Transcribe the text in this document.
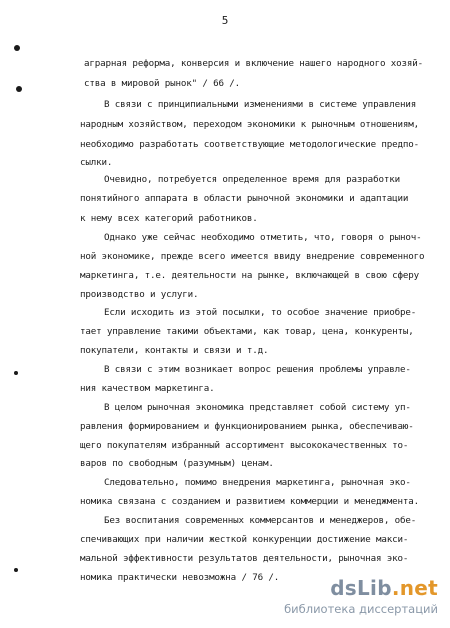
5
аграрная реформа, конверсия и включение нашего народного хозяй-
ства в мировой рынок" / 66 /.
В связи с принципиальными изменениями в системе управления
народным хозяйством, переходом экономики к рыночным отношениям,
необходимо разработать соответствующие методологические предпо-
сылки.
Очевидно, потребуется определенное время для разработки
понятийного аппарата в области рыночной экономики и адаптации
к нему всех категорий работников.
Однако уже сейчас необходимо отметить, что, говоря о рыноч-
ной экономике, прежде всего имеется ввиду внедрение современного
маркетинга, т.е. деятельности на рынке, включающей в свою сферу
производство и услуги.
Если исходить из этой посылки, то особое значение приобре-
тает управление такими объектами, как товар, цена, конкуренты,
покупатели, контакты и связи и т.д.
В связи с этим возникает вопрос решения проблемы управле-
ния качеством маркетинга.
В целом рыночная экономика представляет собой систему уп-
равления формированием и функционированием рынка, обеспечиваю-
щего покупателям избранный ассортимент высококачественных то-
варов по свободным (разумным) ценам.
Следовательно, помимо внедрения маркетинга, рыночная эко-
номика связана с созданием и развитием коммерции и менеджмента.
Без воспитания современных коммерсантов и менеджеров, обе-
спечивающих при наличии жесткой конкуренции достижение макси-
мальной эффективности результатов деятельности, рыночная эко-
номика практически невозможна / 76 /.	dsLib.net
библиотека диссертаций
